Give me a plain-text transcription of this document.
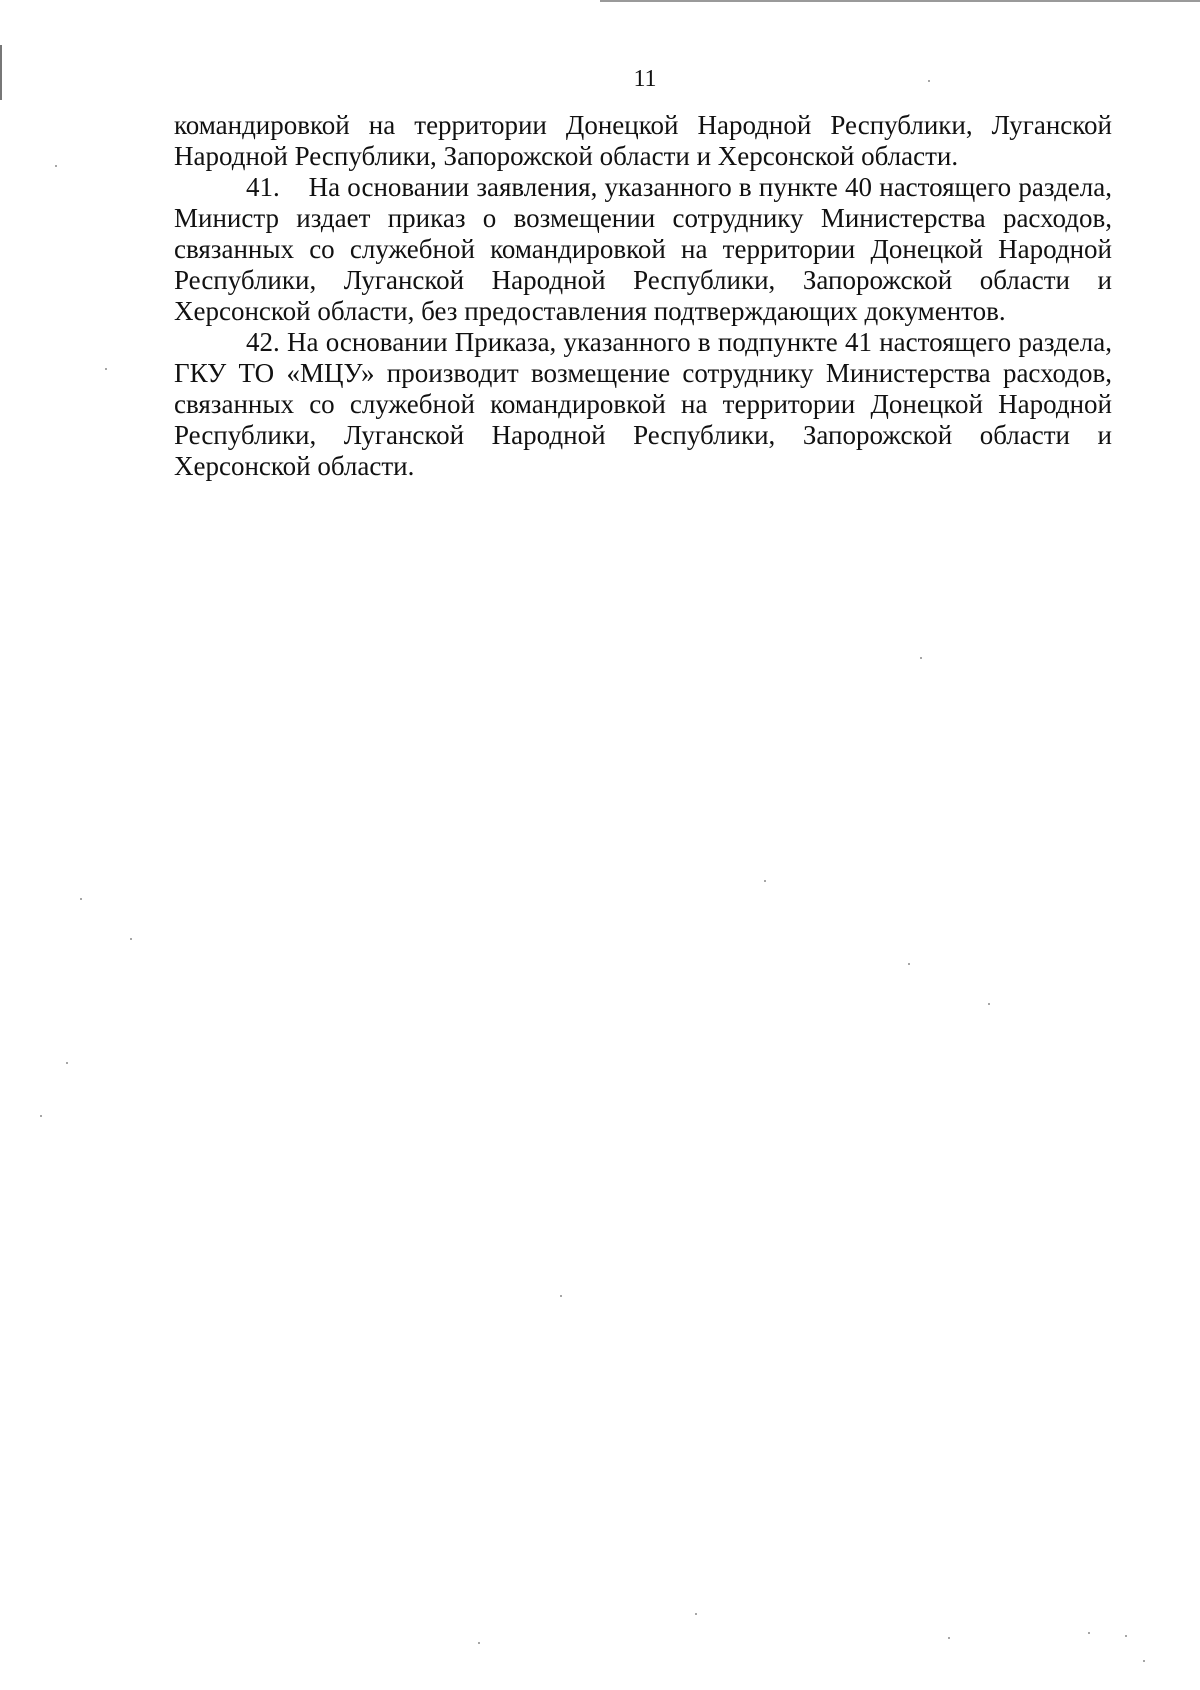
11

командировкой на территории Донецкой Народной Республики, Луганской Народной Республики, Запорожской области и Херсонской области.

41.    На основании заявления, указанного в пункте 40 настоящего раздела, Министр издает приказ о возмещении сотруднику Министерства расходов, связанных со служебной командировкой на территории Донецкой Народной Республики, Луганской Народной Республики, Запорожской области и Херсонской области, без предоставления подтверждающих документов.

42. На основании Приказа, указанного в подпункте 41 настоящего раздела, ГКУ ТО «МЦУ» производит возмещение сотруднику Министерства расходов, связанных со служебной командировкой на территории Донецкой Народной Республики, Луганской Народной Республики, Запорожской области и Херсонской области.
